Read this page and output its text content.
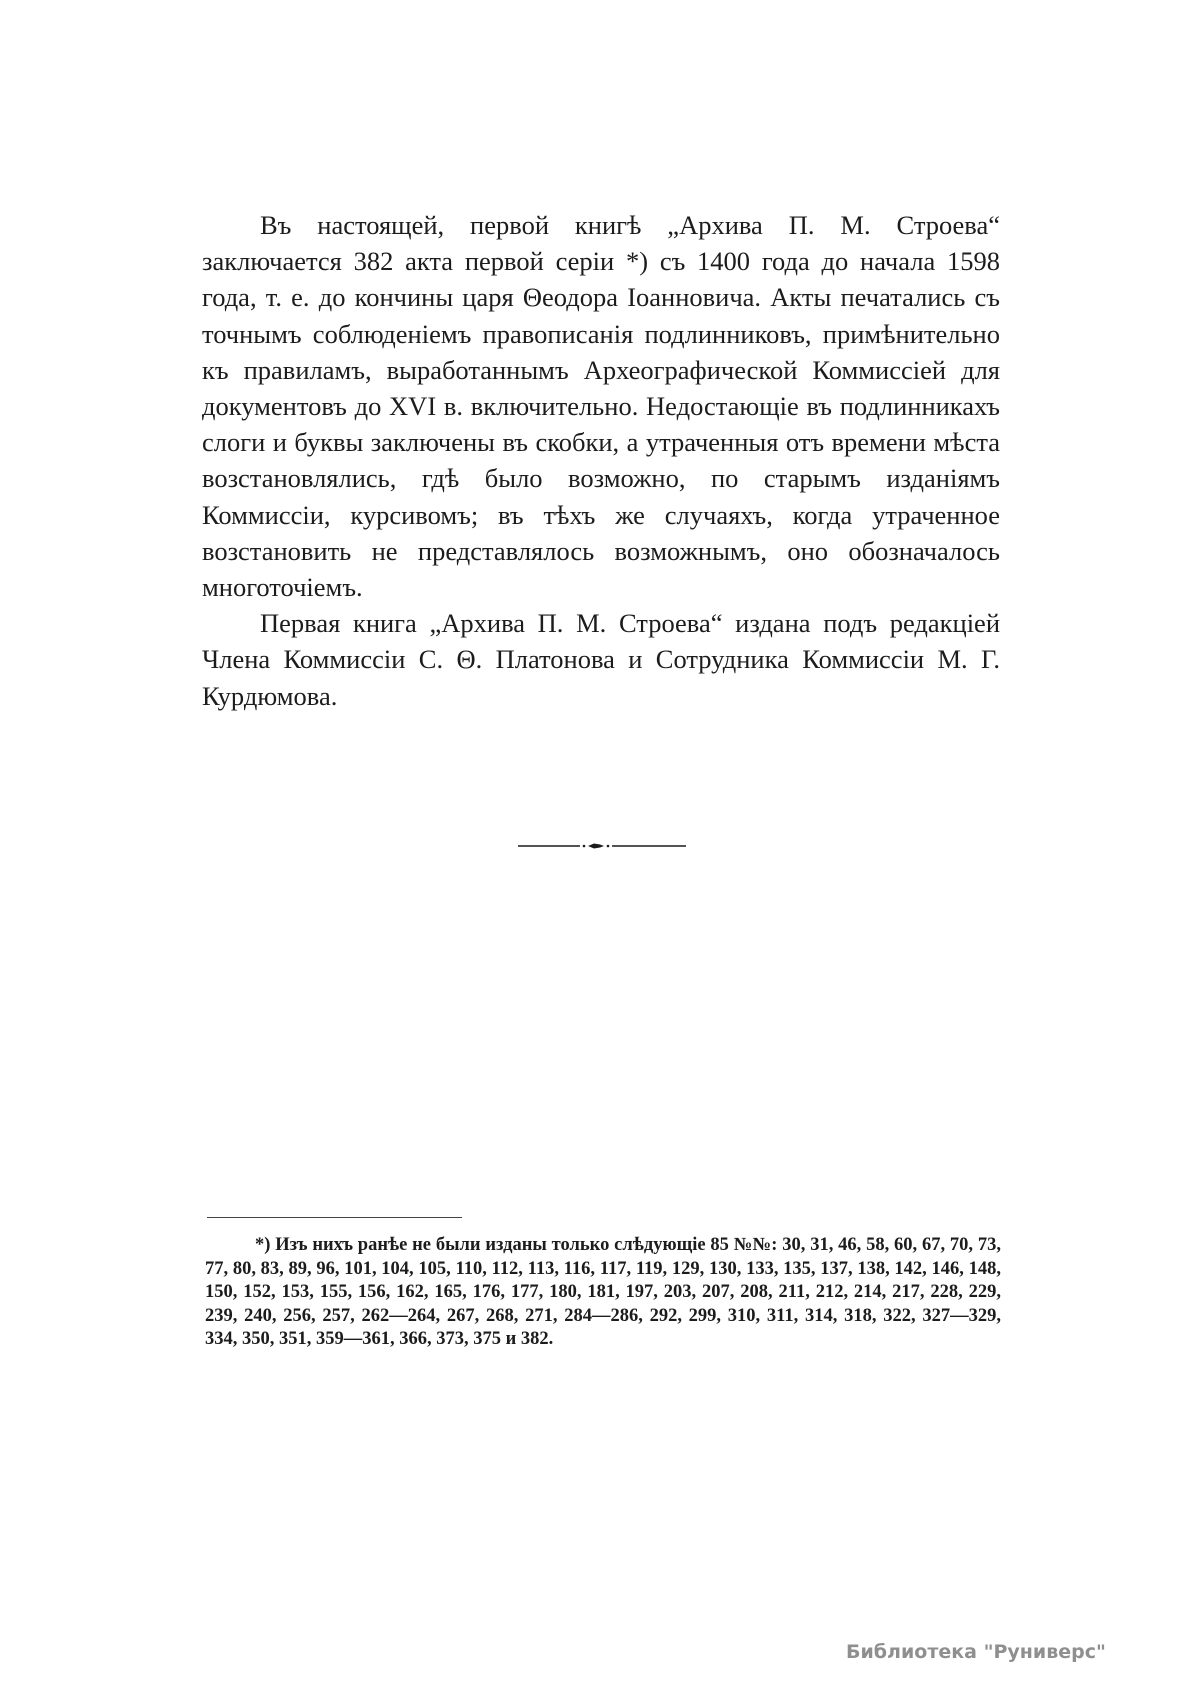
Въ настоящей, первой книгѣ „Архива П. М. Строева“ заключается 382 акта первой серіи *) съ 1400 года до начала 1598 года, т. е. до кончины царя Θеодора Іоанновича. Акты печатались съ точнымъ соблюденіемъ правописанія подлинниковъ, примѣнительно къ правиламъ, выработаннымъ Археографической Коммиссіей для документовъ до XVI в. включительно. Недостающіе въ подлинникахъ слоги и буквы заключены въ скобки, а утраченныя отъ времени мѣста возстановлялись, гдѣ было возможно, по старымъ изданіямъ Коммиссіи, курсивомъ; въ тѣхъ же случаяхъ, когда утраченное возстановить не представлялось возможнымъ, оно обозначалось многоточіемъ.

Первая книга „Архива П. М. Строева“ издана подъ редакціей Члена Коммиссіи С. Θ. Платонова и Сотрудника Коммиссіи М. Г. Курдюмова.

*) Изъ нихъ ранѣе не были изданы только слѣдующіе 85 №№: 30, 31, 46, 58, 60, 67, 70, 73, 77, 80, 83, 89, 96, 101, 104, 105, 110, 112, 113, 116, 117, 119, 129, 130, 133, 135, 137, 138, 142, 146, 148, 150, 152, 153, 155, 156, 162, 165, 176, 177, 180, 181, 197, 203, 207, 208, 211, 212, 214, 217, 228, 229, 239, 240, 256, 257, 262—264, 267, 268, 271, 284—286, 292, 299, 310, 311, 314, 318, 322, 327—329, 334, 350, 351, 359—361, 366, 373, 375 и 382.

Библиотека "Руниверс"
